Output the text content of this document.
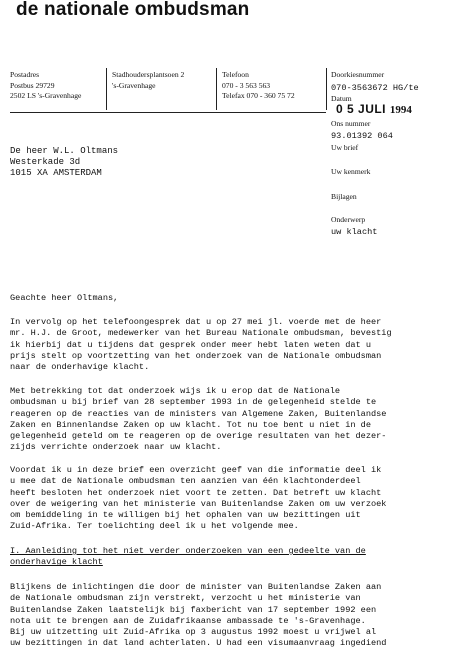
de nationale ombudsman
Postadres
Postbus 29729
2502 LS 's-Gravenhage
Stadhoudersplantsoen 2
's-Gravenhage
Telefoon
070 - 3 563 563
Telefax 070 - 360 75 72
Doorkiesnummer
070-3563672 HG/te
Datum
0 5 JULI 1994
Ons nummer
93.01392 064
Uw brief
Uw kenmerk
Bijlagen
Onderwerp
uw klacht
De heer W.L. Oltmans
Westerkade 3d
1015 XA AMSTERDAM
Geachte heer Oltmans,
In vervolg op het telefoongesprek dat u op 27 mei jl. voerde met de heer
mr. H.J. de Groot, medewerker van het Bureau Nationale ombudsman, bevestig
ik hierbij dat u tijdens dat gesprek onder meer hebt laten weten dat u
prijs stelt op voortzetting van het onderzoek van de Nationale ombudsman
naar de onderhavige klacht.
Met betrekking tot dat onderzoek wijs ik u erop dat de Nationale
ombudsman u bij brief van 28 september 1993 in de gelegenheid stelde te
reageren op de reacties van de ministers van Algemene Zaken, Buitenlandse
Zaken en Binnenlandse Zaken op uw klacht. Tot nu toe bent u niet in de
gelegenheid geteld om te reageren op de overige resultaten van het dezer-
zijds verrichte onderzoek naar uw klacht.
Voordat ik u in deze brief een overzicht geef van die informatie deel ik
u mee dat de Nationale ombudsman ten aanzien van één klachtonderdeel
heeft besloten het onderzoek niet voort te zetten. Dat betreft uw klacht
over de weigering van het ministerie van Buitenlandse Zaken om uw verzoek
om bemiddeling in te willigen bij het ophalen van uw bezittingen uit
Zuid-Afrika. Ter toelichting deel ik u het volgende mee.
I. Aanleiding tot het niet verder onderzoeken van een gedeelte van de
onderhavige klacht
Blijkens de inlichtingen die door de minister van Buitenlandse Zaken aan
de Nationale ombudsman zijn verstrekt, verzocht u het ministerie van
Buitenlandse Zaken laatstelijk bij faxbericht van 17 september 1992 een
nota uit te brengen aan de Zuidafrikaanse ambassade te 's-Gravenhage.
Bij uw uitzetting uit Zuid-Afrika op 3 augustus 1992 moest u vrijwel al
uw bezittingen in dat land achterlaten. U had een visumaanvraag ingediend
